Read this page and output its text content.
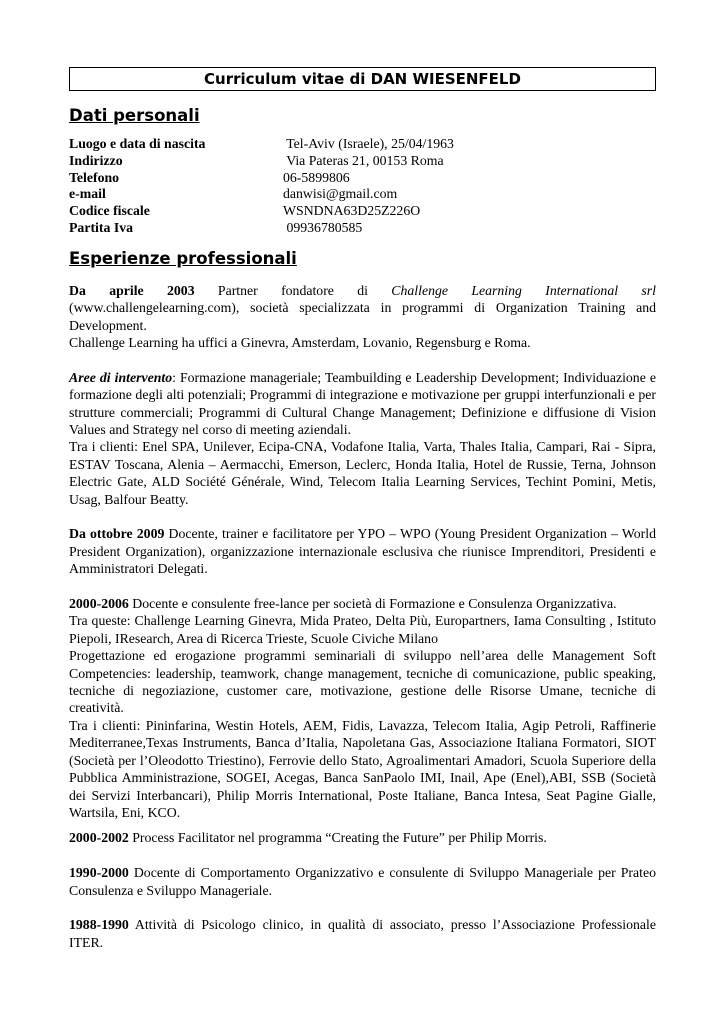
Curriculum vitae di DAN WIESENFELD
Dati personali
Luogo e data di nascita	Tel-Aviv (Israele), 25/04/1963
Indirizzo	Via Pateras 21, 00153 Roma
Telefono	06-5899806
e-mail	danwisi@gmail.com
Codice fiscale	WSNDNA63D25Z226O
Partita Iva	09936780585
Esperienze professionali
Da aprile 2003 Partner fondatore di Challenge Learning International srl

(www.challengelearning.com), società specializzata in programmi di Organization Training and Development.

Challenge Learning ha uffici a Ginevra, Amsterdam, Lovanio, Regensburg e Roma.

Aree di intervento: Formazione manageriale; Teambuilding e Leadership Development; Individuazione e formazione degli alti potenziali; Programmi di integrazione e motivazione per gruppi interfunzionali e per strutture commerciali; Programmi di Cultural Change Management; Definizione e diffusione di Vision Values and Strategy nel corso di meeting aziendali.

Tra i clienti: Enel SPA, Unilever, Ecipa-CNA, Vodafone Italia, Varta, Thales Italia, Campari, Rai - Sipra, ESTAV Toscana, Alenia – Aermacchi, Emerson, Leclerc, Honda Italia, Hotel de Russie, Terna, Johnson Electric Gate, ALD Société Générale, Wind, Telecom Italia Learning Services, Techint Pomini, Metis, Usag, Balfour Beatty.

Da ottobre 2009 Docente, trainer e facilitatore per YPO – WPO (Young President Organization – World President Organization), organizzazione internazionale esclusiva che riunisce Imprenditori, Presidenti e Amministratori Delegati.

2000-2006 Docente e consulente free-lance per società di Formazione e Consulenza Organizzativa.

Tra queste: Challenge Learning Ginevra, Mida Prateo, Delta Più, Europartners, Iama Consulting , Istituto Piepoli, IResearch, Area di Ricerca Trieste, Scuole Civiche Milano

Progettazione ed erogazione programmi seminariali di sviluppo nell’area delle Management Soft Competencies: leadership, teamwork, change management, tecniche di comunicazione, public speaking, tecniche di negoziazione, customer care, motivazione, gestione delle Risorse Umane, tecniche di creatività.

Tra i clienti: Pininfarina, Westin Hotels, AEM, Fidis, Lavazza, Telecom Italia, Agip Petroli, Raffinerie Mediterranee,Texas Instruments, Banca d’Italia, Napoletana Gas, Associazione Italiana Formatori, SIOT (Società per l’Oleodotto Triestino), Ferrovie dello Stato, Agroalimentari Amadori, Scuola Superiore della Pubblica Amministrazione, SOGEI, Acegas, Banca SanPaolo IMI, Inail, Ape (Enel),ABI, SSB (Società dei Servizi Interbancari), Philip Morris International, Poste Italiane, Banca Intesa, Seat Pagine Gialle, Wartsila, Eni, KCO.

2000-2002 Process Facilitator nel programma “Creating the Future” per Philip Morris.

1990-2000 Docente di Comportamento Organizzativo e consulente di Sviluppo Manageriale per Prateo Consulenza e Sviluppo Manageriale.

1988-1990 Attività di Psicologo clinico, in qualità di associato, presso l’Associazione Professionale ITER.
